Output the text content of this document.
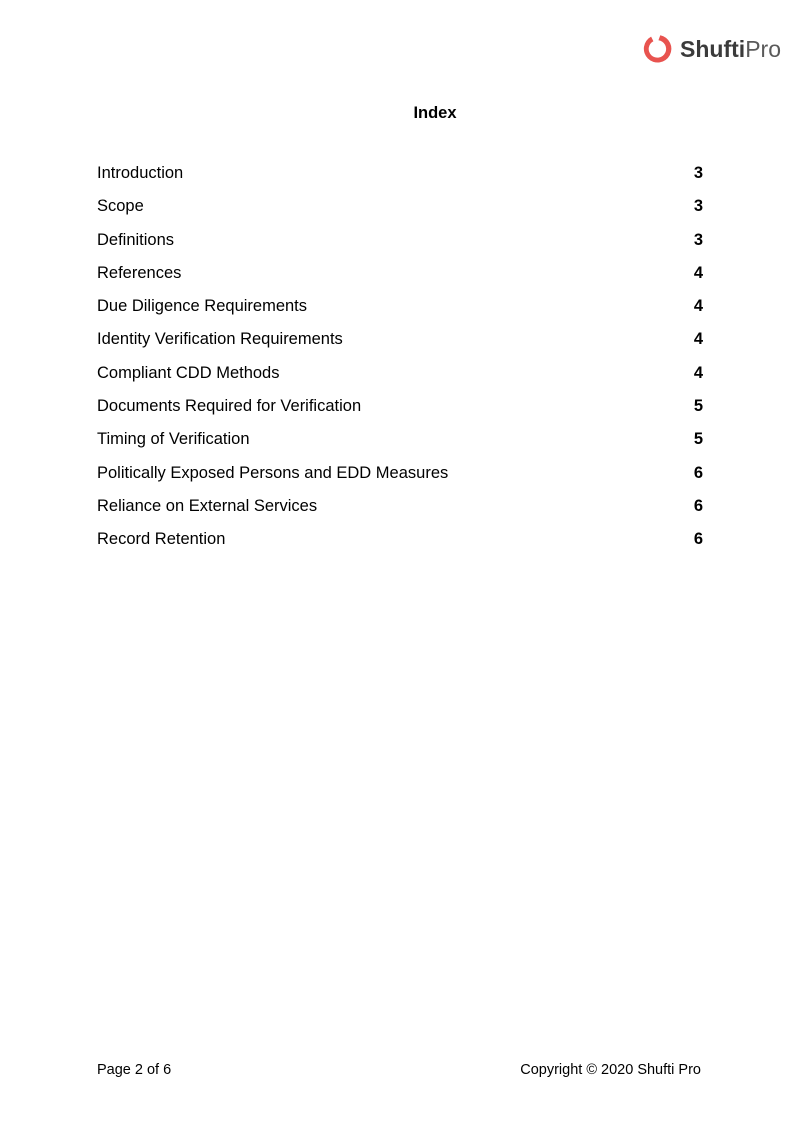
ShuftiPro
Index
Introduction	3
Scope	3
Definitions	3
References	4
Due Diligence Requirements	4
Identity Verification Requirements	4
Compliant CDD Methods	4
Documents Required for Verification	5
Timing of Verification	5
Politically Exposed Persons and EDD Measures	6
Reliance on External Services	6
Record Retention	6
Page 2 of 6	Copyright © 2020 Shufti Pro
